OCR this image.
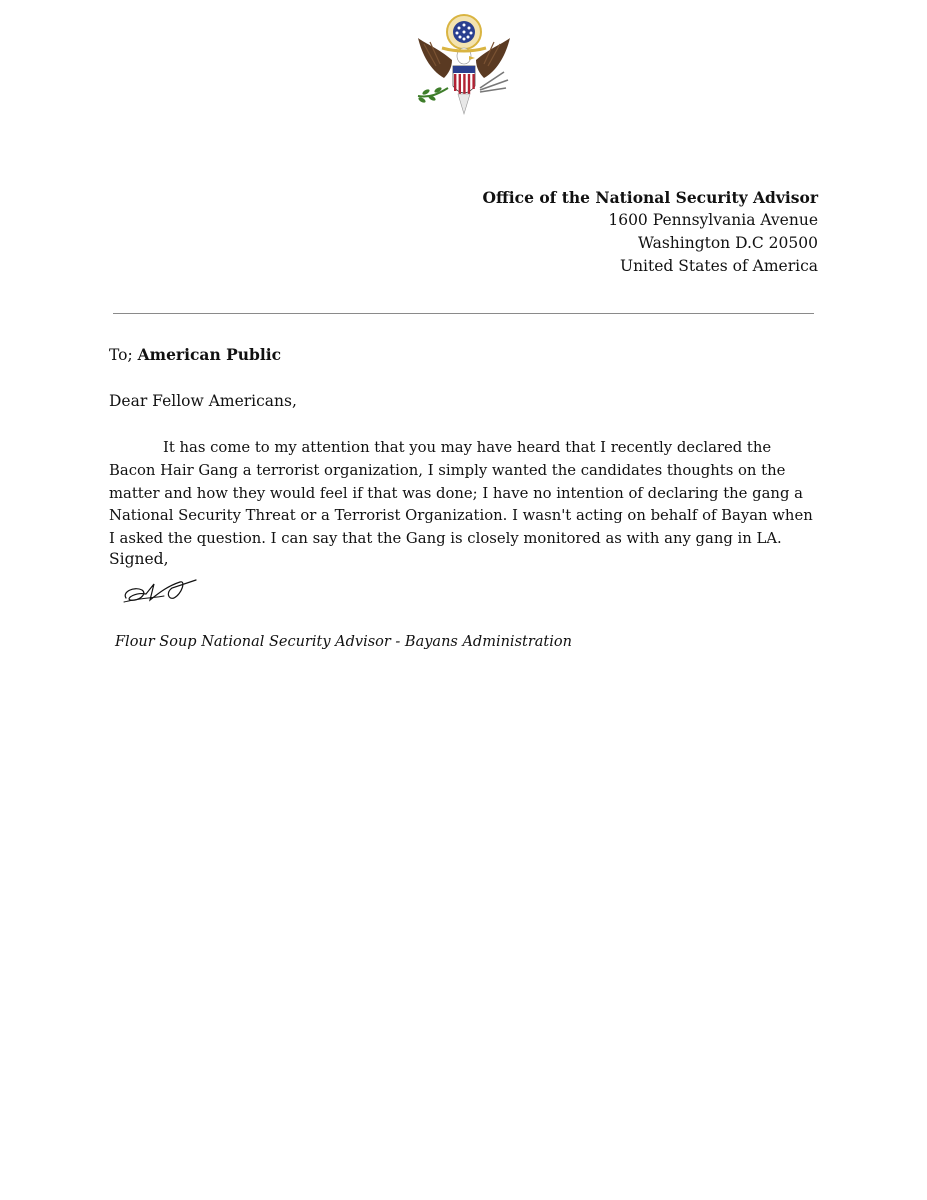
Office of the National Security Advisor
1600 Pennsylvania Avenue
Washington D.C 20500
United States of America
To; American Public
Dear Fellow Americans,
It has come to my attention that you may have heard that I recently declared the Bacon Hair Gang a terrorist organization, I simply wanted the candidates thoughts on the matter and how they would feel if that was done; I have no intention of declaring the gang a National Security Threat or a Terrorist Organization. I wasn't acting on behalf of Bayan when I asked the question. I can say that the Gang is closely monitored as with any gang in LA.
Signed,
Flour Soup National Security Advisor - Bayans Administration
